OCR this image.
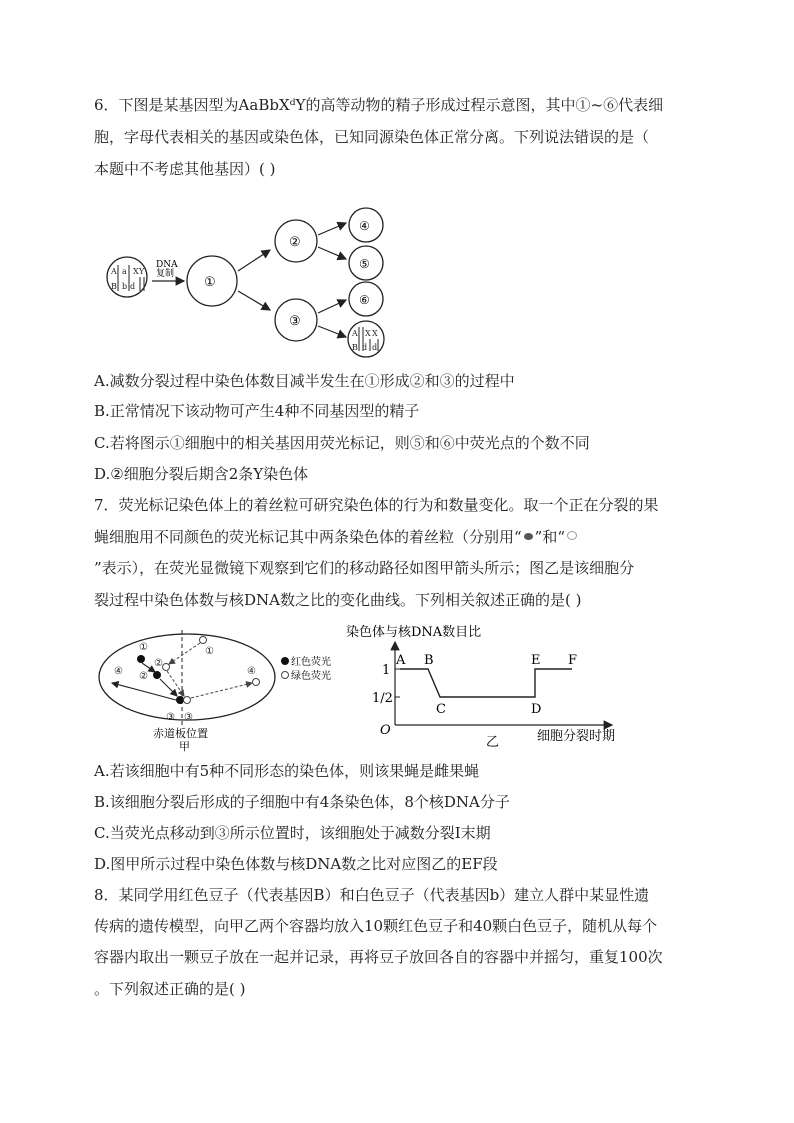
6．下图是某基因型为AaBbXᵈY的高等动物的精子形成过程示意图，其中①~⑥代表细
胞，字母代表相关的基因或染色体，已知同源染色体正常分离。下列说法错误的是（
本题中不考虑其他基因）( )
A a X Y
B b d
DNA
复制
①
②
③
④
⑤
⑥
A X X
B d d
A.减数分裂过程中染色体数目减半发生在①形成②和③的过程中
B.正常情况下该动物可产生4种不同基因型的精子
C.若将图示①细胞中的相关基因用荧光标记，则⑤和⑥中荧光点的个数不同
D.②细胞分裂后期含2条Y染色体
7．荧光标记染色体上的着丝粒可研究染色体的行为和数量变化。取一个正在分裂的果
蝇细胞用不同颜色的荧光标记其中两条染色体的着丝粒（分别用“ ”和“
”表示），在荧光显微镜下观察到它们的移动路径如图甲箭头所示；图乙是该细胞分
裂过程中染色体数与核DNA数之比的变化曲线。下列相关叙述正确的是( )
①	①
②
②
③ ③
④	④
红色荧光
绿色荧光
赤道板位置
甲
染色体与核DNA数目比
O	细胞分裂时期
乙
1
1/2
A B
C	D
E F
A.若该细胞中有5种不同形态的染色体，则该果蝇是雌果蝇
B.该细胞分裂后形成的子细胞中有4条染色体，8个核DNA分子
C.当荧光点移动到③所示位置时，该细胞处于减数分裂Ⅰ末期
D.图甲所示过程中染色体数与核DNA数之比对应图乙的EF段
8．某同学用红色豆子（代表基因B）和白色豆子（代表基因b）建立人群中某显性遗
传病的遗传模型，向甲乙两个容器均放入10颗红色豆子和40颗白色豆子，随机从每个
容器内取出一颗豆子放在一起并记录，再将豆子放回各自的容器中并摇匀，重复100次
。下列叙述正确的是( )
